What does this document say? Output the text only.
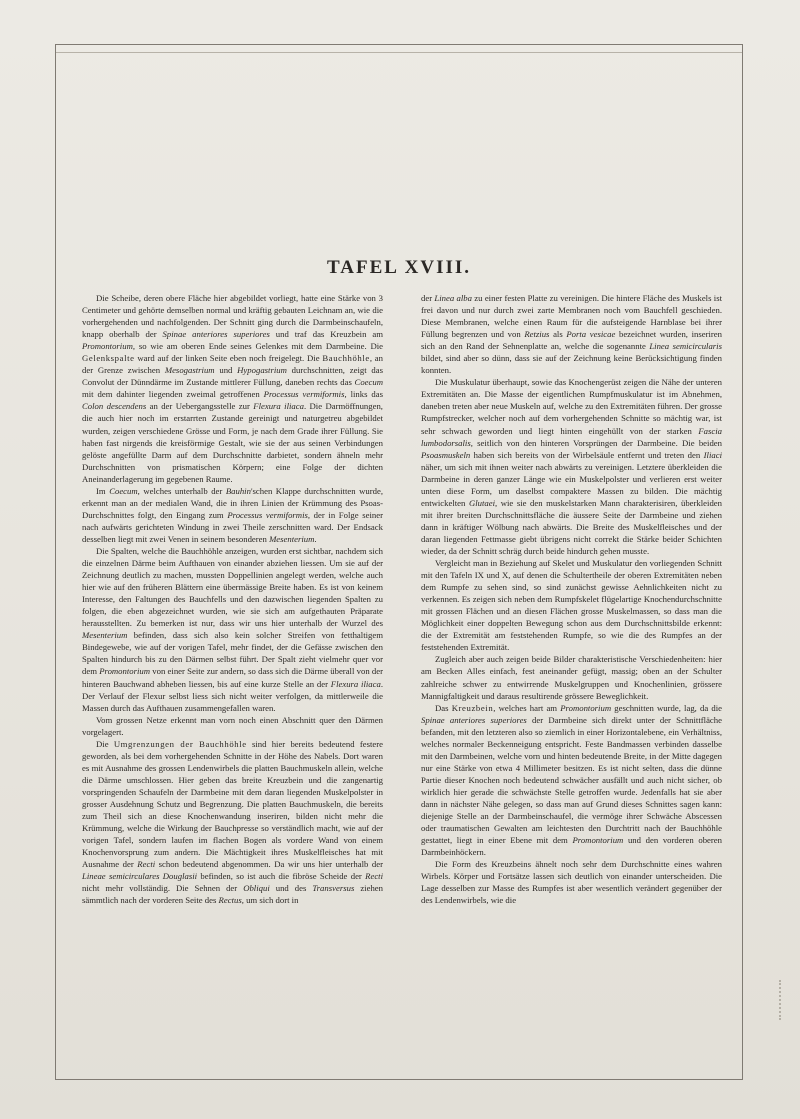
TAFEL XVIII.

Die Scheibe, deren obere Fläche hier abgebildet vorliegt, hatte eine Stärke von 3 Centimeter und gehörte demselben normal und kräftig gebauten Leichnam an, wie die vorhergehenden und nachfolgenden. Der Schnitt ging durch die Darmbeinschaufeln, knapp oberhalb der Spinae anteriores superiores und traf das Kreuzbein am Promontorium, so wie am oberen Ende seines Gelenkes mit dem Darmbeine. Die Gelenkspalte ward auf der linken Seite eben noch freigelegt. Die Bauchhöhle, an der Grenze zwischen Mesogastrium und Hypogastrium durchschnitten, zeigt das Convolut der Dünndärme im Zustande mittlerer Füllung, daneben rechts das Coecum mit dem dahinter liegenden zweimal getroffenen Processus vermiformis, links das Colon descendens an der Uebergangsstelle zur Flexura iliaca. Die Darmöffnungen, die auch hier noch im erstarrten Zustande gereinigt und naturgetreu abgebildet wurden, zeigen verschiedene Grösse und Form, je nach dem Grade ihrer Füllung. Sie haben fast nirgends die kreisförmige Gestalt, wie sie der aus seinen Verbindungen gelöste angefüllte Darm auf dem Durchschnitte darbietet, sondern ähneln mehr Durchschnitten von prismatischen Körpern; eine Folge der dichten Aneinanderlagerung im gegebenen Raume.

Im Coecum, welches unterhalb der Bauhin'schen Klappe durchschnitten wurde, erkennt man an der medialen Wand, die in ihren Linien der Krümmung des Psoas-Durchschnittes folgt, den Eingang zum Processus vermiformis, der in Folge seiner nach aufwärts gerichteten Windung in zwei Theile zerschnitten ward. Der Endsack desselben liegt mit zwei Venen in seinem besonderen Mesenterium.

Die Spalten, welche die Bauchhöhle anzeigen, wurden erst sichtbar, nachdem sich die einzelnen Därme beim Aufthauen von einander abziehen liessen. Um sie auf der Zeichnung deutlich zu machen, mussten Doppellinien angelegt werden, welche auch hier wie auf den früheren Blättern eine übermässige Breite haben. Es ist von keinem Interesse, den Faltungen des Bauchfells und den dazwischen liegenden Spalten zu folgen, die eben abgezeichnet wurden, wie sie sich am aufgethauten Präparate herausstellten. Zu bemerken ist nur, dass wir uns hier unterhalb der Wurzel des Mesenterium befinden, dass sich also kein solcher Streifen von fetthaltigem Bindegewebe, wie auf der vorigen Tafel, mehr findet, der die Gefässe zwischen den Spalten hindurch bis zu den Därmen selbst führt. Der Spalt zieht vielmehr quer vor dem Promontorium von einer Seite zur andern, so dass sich die Därme überall von der hinteren Bauchwand abheben liessen, bis auf eine kurze Stelle an der Flexura iliaca. Der Verlauf der Flexur selbst liess sich nicht weiter verfolgen, da mittlerweile die Massen durch das Aufthauen zusammengefallen waren.

Vom grossen Netze erkennt man vorn noch einen Abschnitt quer den Därmen vorgelagert.

Die Umgrenzungen der Bauchhöhle sind hier bereits bedeutend festere geworden, als bei dem vorhergehenden Schnitte in der Höhe des Nabels. Dort waren es mit Ausnahme des grossen Lendenwirbels die platten Bauchmuskeln allein, welche die Därme umschlossen. Hier geben das breite Kreuzbein und die zangenartig vorspringenden Schaufeln der Darmbeine mit dem daran liegenden Muskelpolster in grosser Ausdehnung Schutz und Begrenzung. Die platten Bauchmuskeln, die bereits zum Theil sich an diese Knochenwandung inseriren, bilden nicht mehr die Krümmung, welche die Wirkung der Bauchpresse so verständlich macht, wie auf der vorigen Tafel, sondern laufen im flachen Bogen als vordere Wand von einem Knochenvorsprung zum andern. Die Mächtigkeit ihres Muskelfleisches hat mit Ausnahme der Recti schon bedeutend abgenommen. Da wir uns hier unterhalb der Lineae semicirculares Douglasii befinden, so ist auch die fibröse Scheide der Recti nicht mehr vollständig. Die Sehnen der Obliqui und des Transversus ziehen sämmtlich nach der vorderen Seite des Rectus, um sich dort in

der Linea alba zu einer festen Platte zu vereinigen. Die hintere Fläche des Muskels ist frei davon und nur durch zwei zarte Membranen noch vom Bauchfell geschieden. Diese Membranen, welche einen Raum für die aufsteigende Harnblase bei ihrer Füllung begrenzen und von Retzius als Porta vesicae bezeichnet wurden, inseriren sich an den Rand der Sehnenplatte an, welche die sogenannte Linea semicircularis bildet, sind aber so dünn, dass sie auf der Zeichnung keine Berücksichtigung finden konnten.

Die Muskulatur überhaupt, sowie das Knochengerüst zeigen die Nähe der unteren Extremitäten an. Die Masse der eigentlichen Rumpfmuskulatur ist im Abnehmen, daneben treten aber neue Muskeln auf, welche zu den Extremitäten führen. Der grosse Rumpfstrecker, welcher noch auf dem vorhergehenden Schnitte so mächtig war, ist sehr schwach geworden und liegt hinten eingehüllt von der starken Fascia lumbodorsalis, seitlich von den hinteren Vorsprüngen der Darmbeine. Die beiden Psoasmuskeln haben sich bereits von der Wirbelsäule entfernt und treten den Iliaci näher, um sich mit ihnen weiter nach abwärts zu vereinigen. Letztere überkleiden die Darmbeine in deren ganzer Länge wie ein Muskelpolster und verlieren erst weiter unten diese Form, um daselbst compaktere Massen zu bilden. Die mächtig entwickelten Glutaei, wie sie den muskelstarken Mann charakterisiren, überkleiden mit ihrer breiten Durchschnittsfläche die äussere Seite der Darmbeine und ziehen dann in kräftiger Wölbung nach abwärts. Die Breite des Muskelfleisches und der daran liegenden Fettmasse giebt übrigens nicht correkt die Stärke beider Schichten wieder, da der Schnitt schräg durch beide hindurch gehen musste.

Vergleicht man in Beziehung auf Skelet und Muskulatur den vorliegenden Schnitt mit den Tafeln IX und X, auf denen die Schultertheile der oberen Extremitäten neben dem Rumpfe zu sehen sind, so sind zunächst gewisse Aehnlichkeiten nicht zu verkennen. Es zeigen sich neben dem Rumpfskelet flügelartige Knochendurchschnitte mit grossen Flächen und an diesen Flächen grosse Muskelmassen, so dass man die Möglichkeit einer doppelten Bewegung schon aus dem Durchschnittsbilde erkennt: die der Extremität am feststehenden Rumpfe, so wie die des Rumpfes an der feststehenden Extremität.

Zugleich aber auch zeigen beide Bilder charakteristische Verschiedenheiten: hier am Becken Alles einfach, fest aneinander gefügt, massig; oben an der Schulter zahlreiche schwer zu entwirrende Muskelgruppen und Knochenlinien, grössere Mannigfaltigkeit und daraus resultirende grössere Beweglichkeit.

Das Kreuzbein, welches hart am Promontorium geschnitten wurde, lag, da die Spinae anteriores superiores der Darmbeine sich direkt unter der Schnittfläche befanden, mit den letzteren also so ziemlich in einer Horizontalebene, ein Verhältniss, welches normaler Beckenneigung entspricht. Feste Bandmassen verbinden dasselbe mit den Darmbeinen, welche vorn und hinten bedeutende Breite, in der Mitte dagegen nur eine Stärke von etwa 4 Millimeter besitzen. Es ist nicht selten, dass die dünne Partie dieser Knochen noch bedeutend schwächer ausfällt und auch nicht sicher, ob wirklich hier gerade die schwächste Stelle getroffen wurde. Jedenfalls hat sie aber dann in nächster Nähe gelegen, so dass man auf Grund dieses Schnittes sagen kann: diejenige Stelle an der Darmbeinschaufel, die vermöge ihrer Schwäche Abscessen oder traumatischen Gewalten am leichtesten den Durchtritt nach der Bauchhöhle gestattet, liegt in einer Ebene mit dem Promontorium und den vorderen oberen Darmbeinhöckern.

Die Form des Kreuzbeins ähnelt noch sehr dem Durchschnitte eines wahren Wirbels. Körper und Fortsätze lassen sich deutlich von einander unterscheiden. Die Lage desselben zur Masse des Rumpfes ist aber wesentlich verändert gegenüber der des Lendenwirbels, wie die
